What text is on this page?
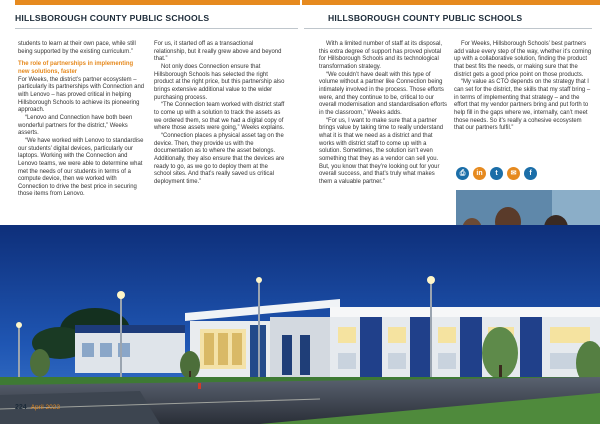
HILLSBOROUGH COUNTY PUBLIC SCHOOLS	HILLSBOROUGH COUNTY PUBLIC SCHOOLS

students to learn at their own pace, while still being supported by the existing curriculum.”

The role of partnerships in implementing new solutions, faster

For Weeks, the district’s partner ecosystem – particularly its partnerships with Connection and with Lenovo – has proved critical in helping Hillsborough Schools to achieve its pioneering approach.

“Lenovo and Connection have both been wonderful partners for the district,” Weeks asserts.

“We have worked with Lenovo to standardise our students’ digital devices, particularly our laptops. Working with the Connection and Lenovo teams, we were able to determine what met the needs of our students in terms of a compute device, then we worked with Connection to drive the best price in securing those items from Lenovo.

For us, it started off as a transactional relationship, but it really grew above and beyond that.”

Not only does Connection ensure that Hillsborough Schools has selected the right product at the right price, but this partnership also brings extensive additional value to the wider purchasing process.

“The Connection team worked with district staff to come up with a solution to track the assets as we ordered them, so that we had a digital copy of where those assets were going,” Weeks explains.

“Connection places a physical asset tag on the device. Then, they provide us with the documentation as to where the asset belongs. Additionally, they also ensure that the devices are ready to go, as we go to deploy them at the school sites. And that’s really saved us critical deployment time.”

With a limited number of staff at its disposal, this extra degree of support has proved pivotal for Hillsborough Schools and its technological transformation strategy.

“We couldn’t have dealt with this type of volume without a partner like Connection being intimately involved in the process. Those efforts were, and they continue to be, critical to our overall modernisation and standardisation efforts in the classroom,” Weeks adds.

“For us, I want to make sure that a partner brings value by taking time to really understand what it is that we need as a district and that works with district staff to come up with a solution. Sometimes, the solution isn’t even something that they as a vendor can sell you. But, you know that they’re looking out for your overall success, and that’s truly what makes them a valuable partner.”

For Weeks, Hillsborough Schools’ best partners add value every step of the way, whether it’s coming up with a collaborative solution, finding the product that best fits the needs, or making sure that the district gets a good price point on those products.

“My value as CTO depends on the strategy that I can set for the district, the skills that my staff bring – in terms of implementing that strategy – and the effort that my vendor partners bring and put forth to help fill in the gaps where we, internally, can’t meet those needs. So it’s really a cohesive ecosystem that our partners fulfil.”

⎙	in	t	✉	f
224 April 2023
